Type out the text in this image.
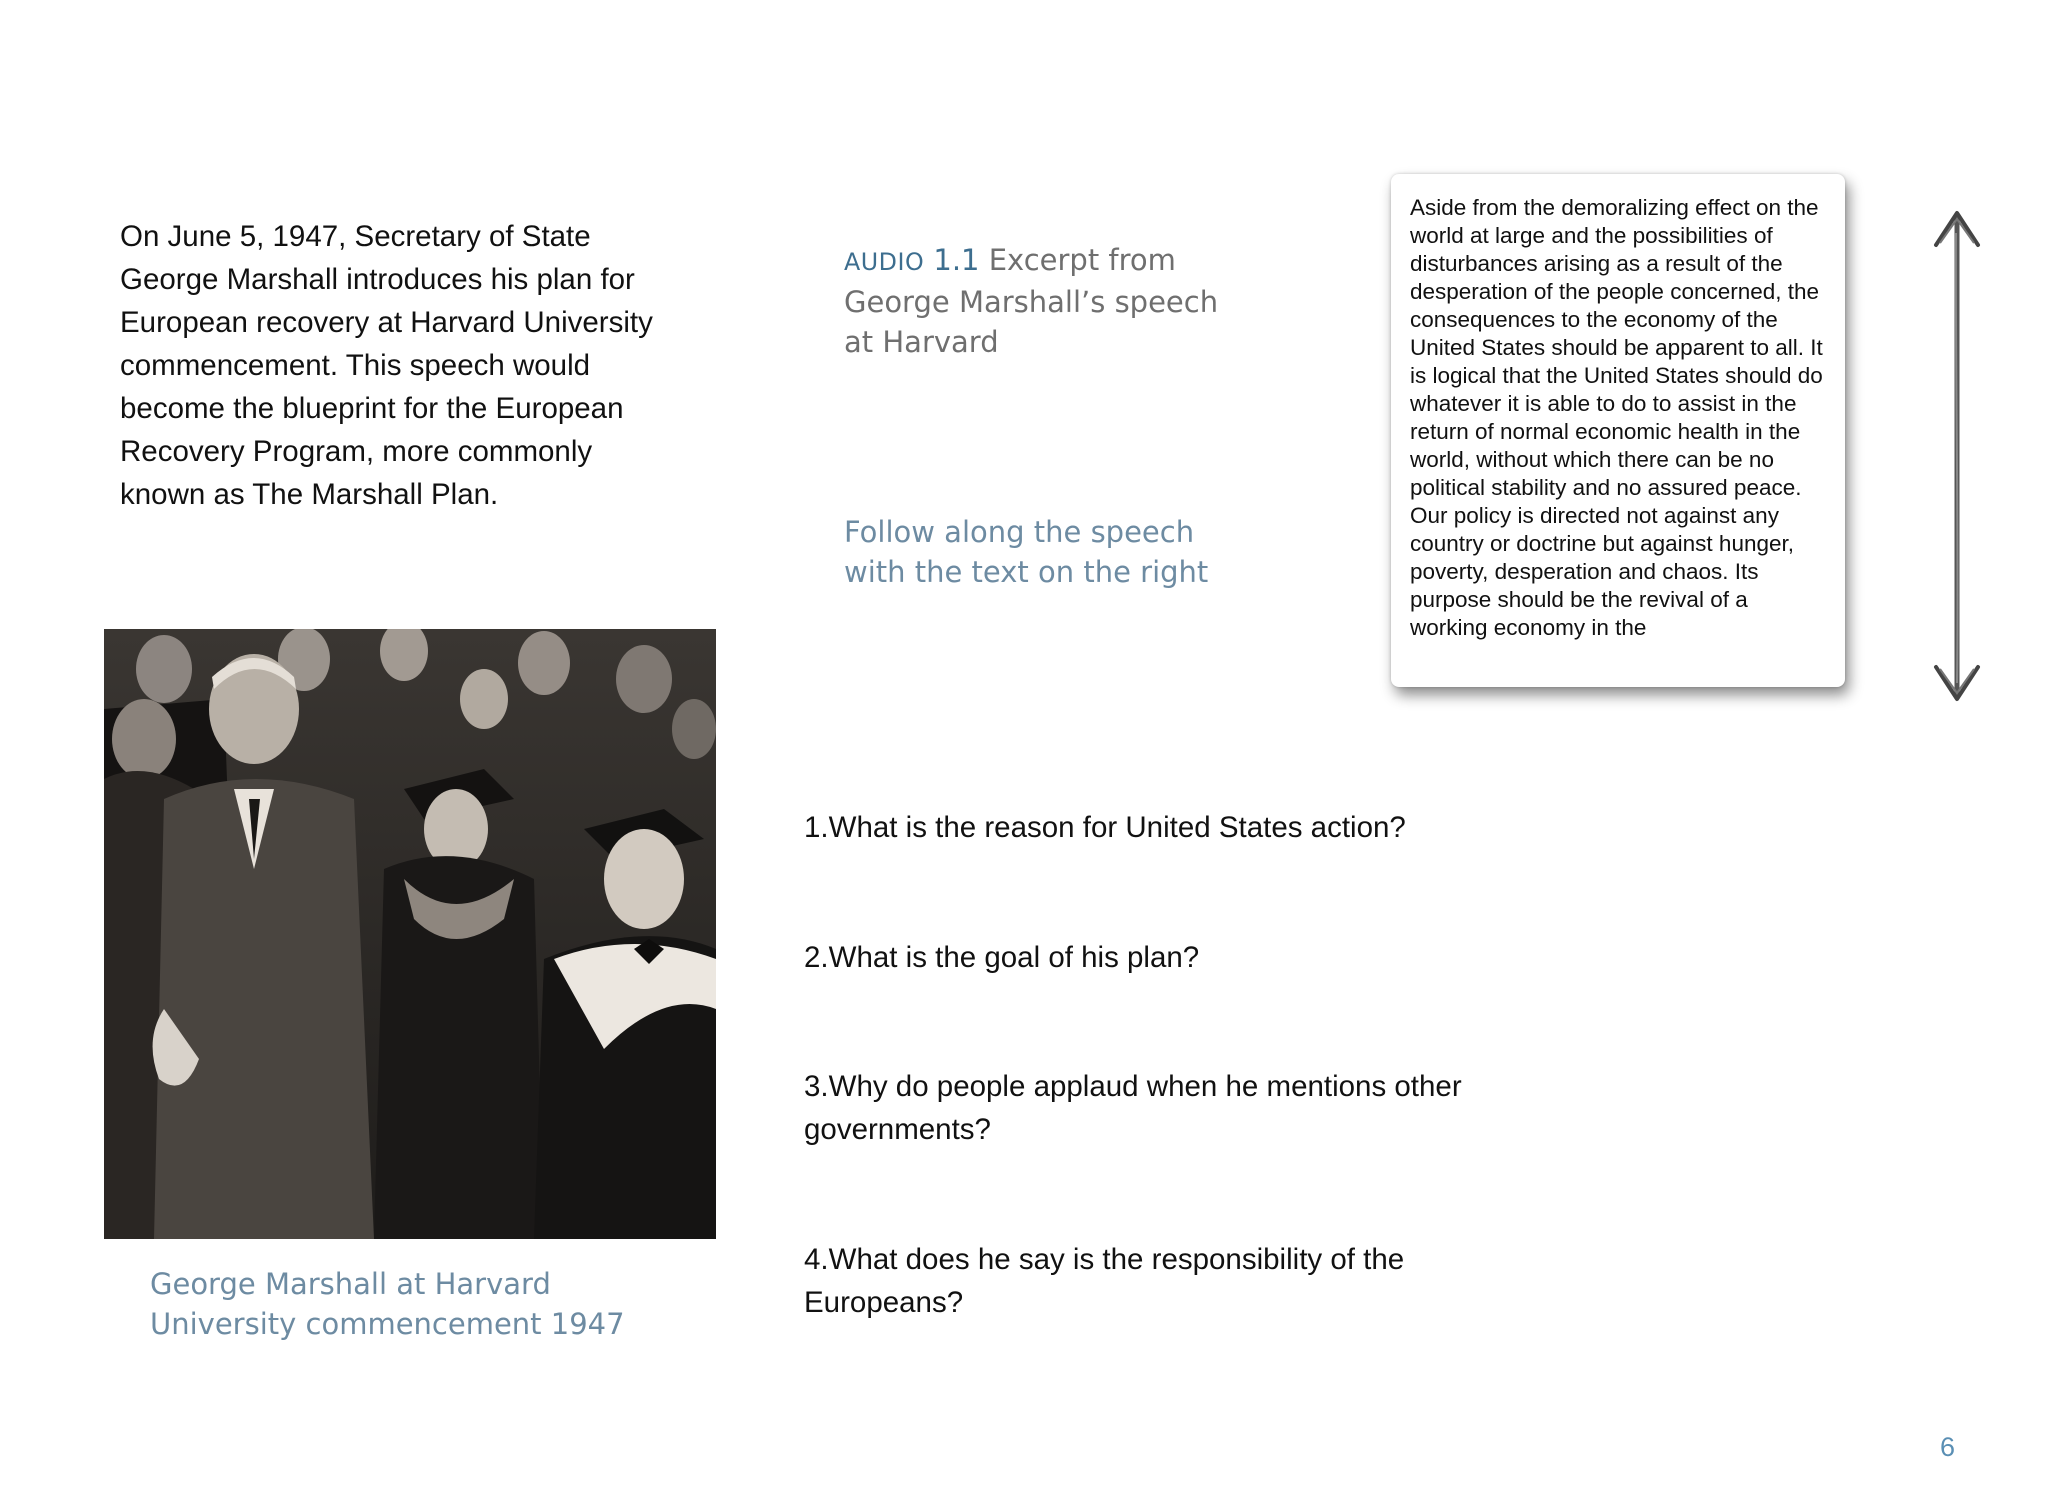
On June 5, 1947, Secretary of State George Marshall introduces his plan for European recovery at Harvard University commencement. This speech would become the blueprint for the European Recovery Program, more commonly known as The Marshall Plan.

AUDIO 1.1 Excerpt from George Marshall’s speech at Harvard
Follow along the speech with the text on the right
Aside from the demoralizing effect on the world at large and the possibilities of disturbances arising as a result of the desperation of the people concerned, the consequences to the economy of the United States should be apparent to all. It is logical that the United States should do whatever it is able to do to assist in the return of normal economic health in the world, without which there can be no political stability and no assured peace. Our policy is directed not against any country or doctrine but against hunger, poverty, desperation and chaos. Its purpose should be the revival of a working economy in the
George Marshall at Harvard University commencement 1947
1.What is the reason for United States action?
2.What is the goal of his plan?
3.Why do people applaud when he mentions other governments?
4.What does he say is the responsibility of the Europeans?
6
